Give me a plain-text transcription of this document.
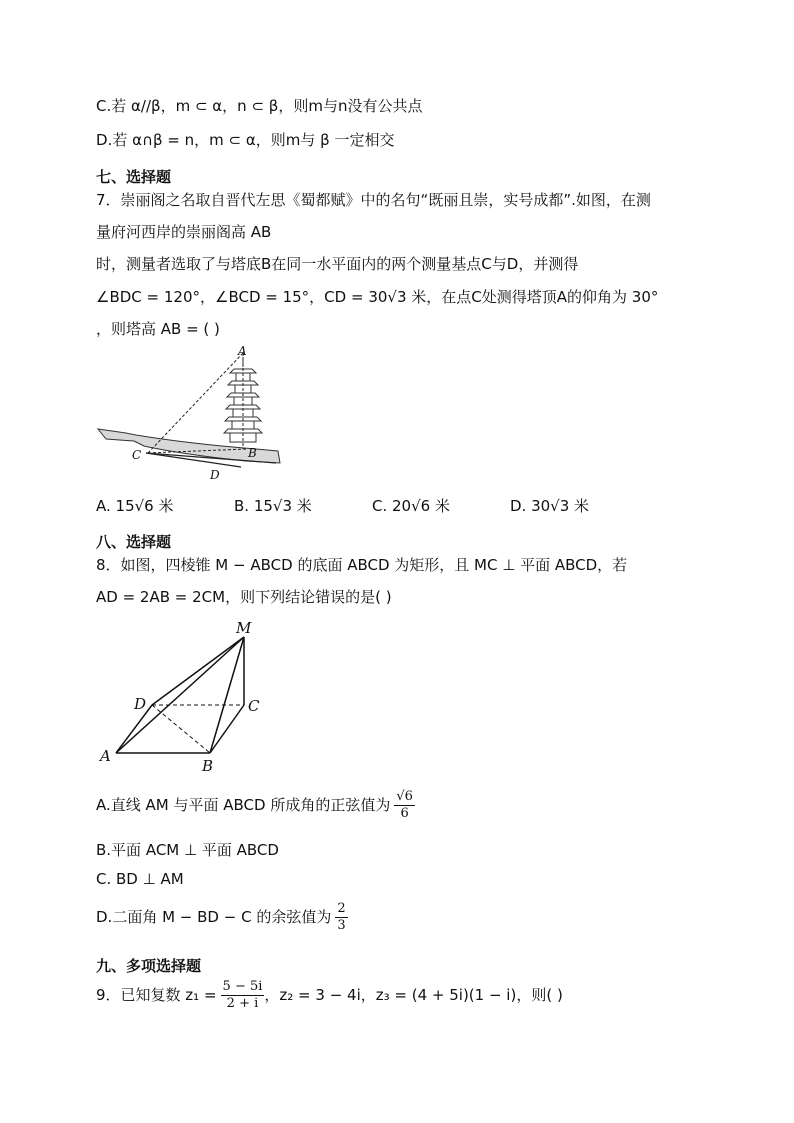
C.若 α//β，m ⊂ α，n ⊂ β，则m与n没有公共点
D.若 α∩β = n，m ⊂ α，则m与 β 一定相交
七、选择题
7．崇丽阁之名取自晋代左思《蜀都赋》中的名句“既丽且崇，实号成都”.如图，在测
量府河西岸的崇丽阁高 AB
时，测量者选取了与塔底B在同一水平面内的两个测量基点C与D，并测得
∠BDC = 120°，∠BCD = 15°，CD = 30√3 米，在点C处测得塔顶A的仰角为 30°
，则塔高 AB = ( )
A
B
C
D
A. 15√6 米	B. 15√3 米	C. 20√6 米	D. 30√3 米
八、选择题
8．如图，四棱锥 M − ABCD 的底面 ABCD 为矩形，且 MC ⊥ 平面 ABCD，若
AD = 2AB = 2CM，则下列结论错误的是( )
M
D	C
A
B
A.直线 AM 与平面 ABCD 所成角的正弦值为 $\frac{√6}{6}$
B.平面 ACM ⊥ 平面 ABCD
C. BD ⊥ AM
D.二面角 M − BD − C 的余弦值为 $\frac{2}{3}$
九、多项选择题
9．已知复数 $z_1 = \frac{5 - 5i}{2 + i}$ ，z₂ = 3 − 4i，z₃ = (4 + 5i)(1 − i)，则( )
